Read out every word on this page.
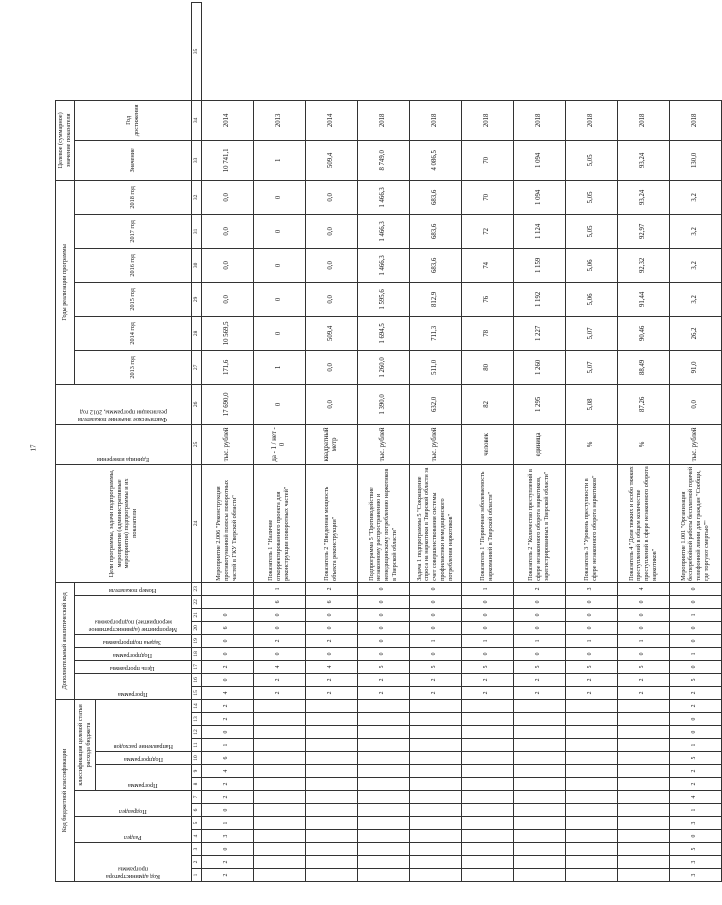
17
Код бюджетной классификации														Дополнительный аналитический код									Цели программы, задачи подпрограммы, мероприятия (административные мероприятия) подпрограммы и их показатели	Единица измерения	Фактическое значение показателя реализации программы, 2012 год	Годы реализации программы						Целевое (суммарное) значение показателя		

Код администратора программы			Раздел		Подраздел		классификация целевой статьи расхода бюджета							Программа		Цель программы	Подпрограмма	Задача подпрограммы	Мероприятие (административное мероприятие) подпрограммы			Номер показателя				2013 год	2014 год	2015 год	2016 год	2017 год	2018 год	Значение	Год достижения	

							Программа		Подпрограмма	Направление расходов																								

1	2	3	4	5	6	7	8	9	10	11	12	13	14	15	16	17	18	19	20	21	22	23	24	25	26	27	28	29	30	31	32	33	34	35
2	2	0	3	1	0	2	2	4	6	1	0	2	2	4	0	2	0	0	6	0			Мероприятие 2.006 "Реконструкция противотуманной полосы поворотных частей в ГКУ Тверской области"	тыс. рублей	17 690,0	171,6	10 569,5	0,0	0,0	0,0	0,0	10 741,1	2014	
														2	2	4	0	2	0	0	6	1	Показатель 1 "Наличие откорректированного проекта для реконструкции поворотных частей"	да - 1 / нет - 0	0	1	0	0	0	0	0	1	2013	
														2	2	4	0	2	0	0	6	2	Показатель 2 "Введенная мощность объекта реконструкции"	квадратный метр	0,0	0,0	509,4	0,0	0,0	0,0	0,0	509,4	2014	
														2	2	5	0	0	0	0	0	0	Подпрограмма 5 "Противодействие незаконному распространению и немедицинскому потреблению наркотиков в Тверской области"	тыс. рублей	1 390,0	1 260,0	1 694,5	1 595,6	1 466,3	1 466,3	1 466,3	8 749,0	2018	
														2	2	5	0	1	0	0	0	0	Задача 1 подпрограммы 5 "Сокращение спроса на наркотики в Тверской области за счет совершенствования системы профилактики немедицинского потребления наркотиков"	тыс. рублей	632,0	511,0	711,3	812,9	683,6	683,6	683,6	4 086,5	2018	
														2	2	5	0	1	0	0	0	1	Показатель 1 "Первичная заболеваемость наркоманией в Тверской области"	человек	82	80	78	76	74	72	70	70	2018	
														2	2	5	0	1	0	0	0	2	Показатель 2 "Количество преступлений в сфере незаконного оборота наркотиков, зарегистрированных в Тверской области"	единица	1 295	1 260	1 227	1 192	1 159	1 124	1 094	1 094	2018	
														2	2	5	0	1	0	0	0	3	Показатель 3 "Уровень преступности в сфере незаконного оборота наркотиков"	%	5,08	5,07	5,07	5,06	5,06	5,05	5,05	5,05	2018	
														2	2	5	0	1	0	0	0	4	Показатель 4 "Доля тяжких и особо тяжких преступлений в общем количестве преступлений в сфере незаконного оборота наркотиков"	%	87,26	88,49	90,46	91,44	92,32	92,97	93,24	93,24	2018	
3	3	5	0	3	1	4	2	2	5	1	0	0	2	2	5	0	1	0	0	1	0	0	Мероприятие 1.001 "Организация бесперебойной работы бесплатной горячей телефонной линии для граждан "Сообщи, где торгуют смертью""	тыс. рублей	0,0	91,0	26,2	3,2	3,2	3,2	3,2	130,0	2018	
